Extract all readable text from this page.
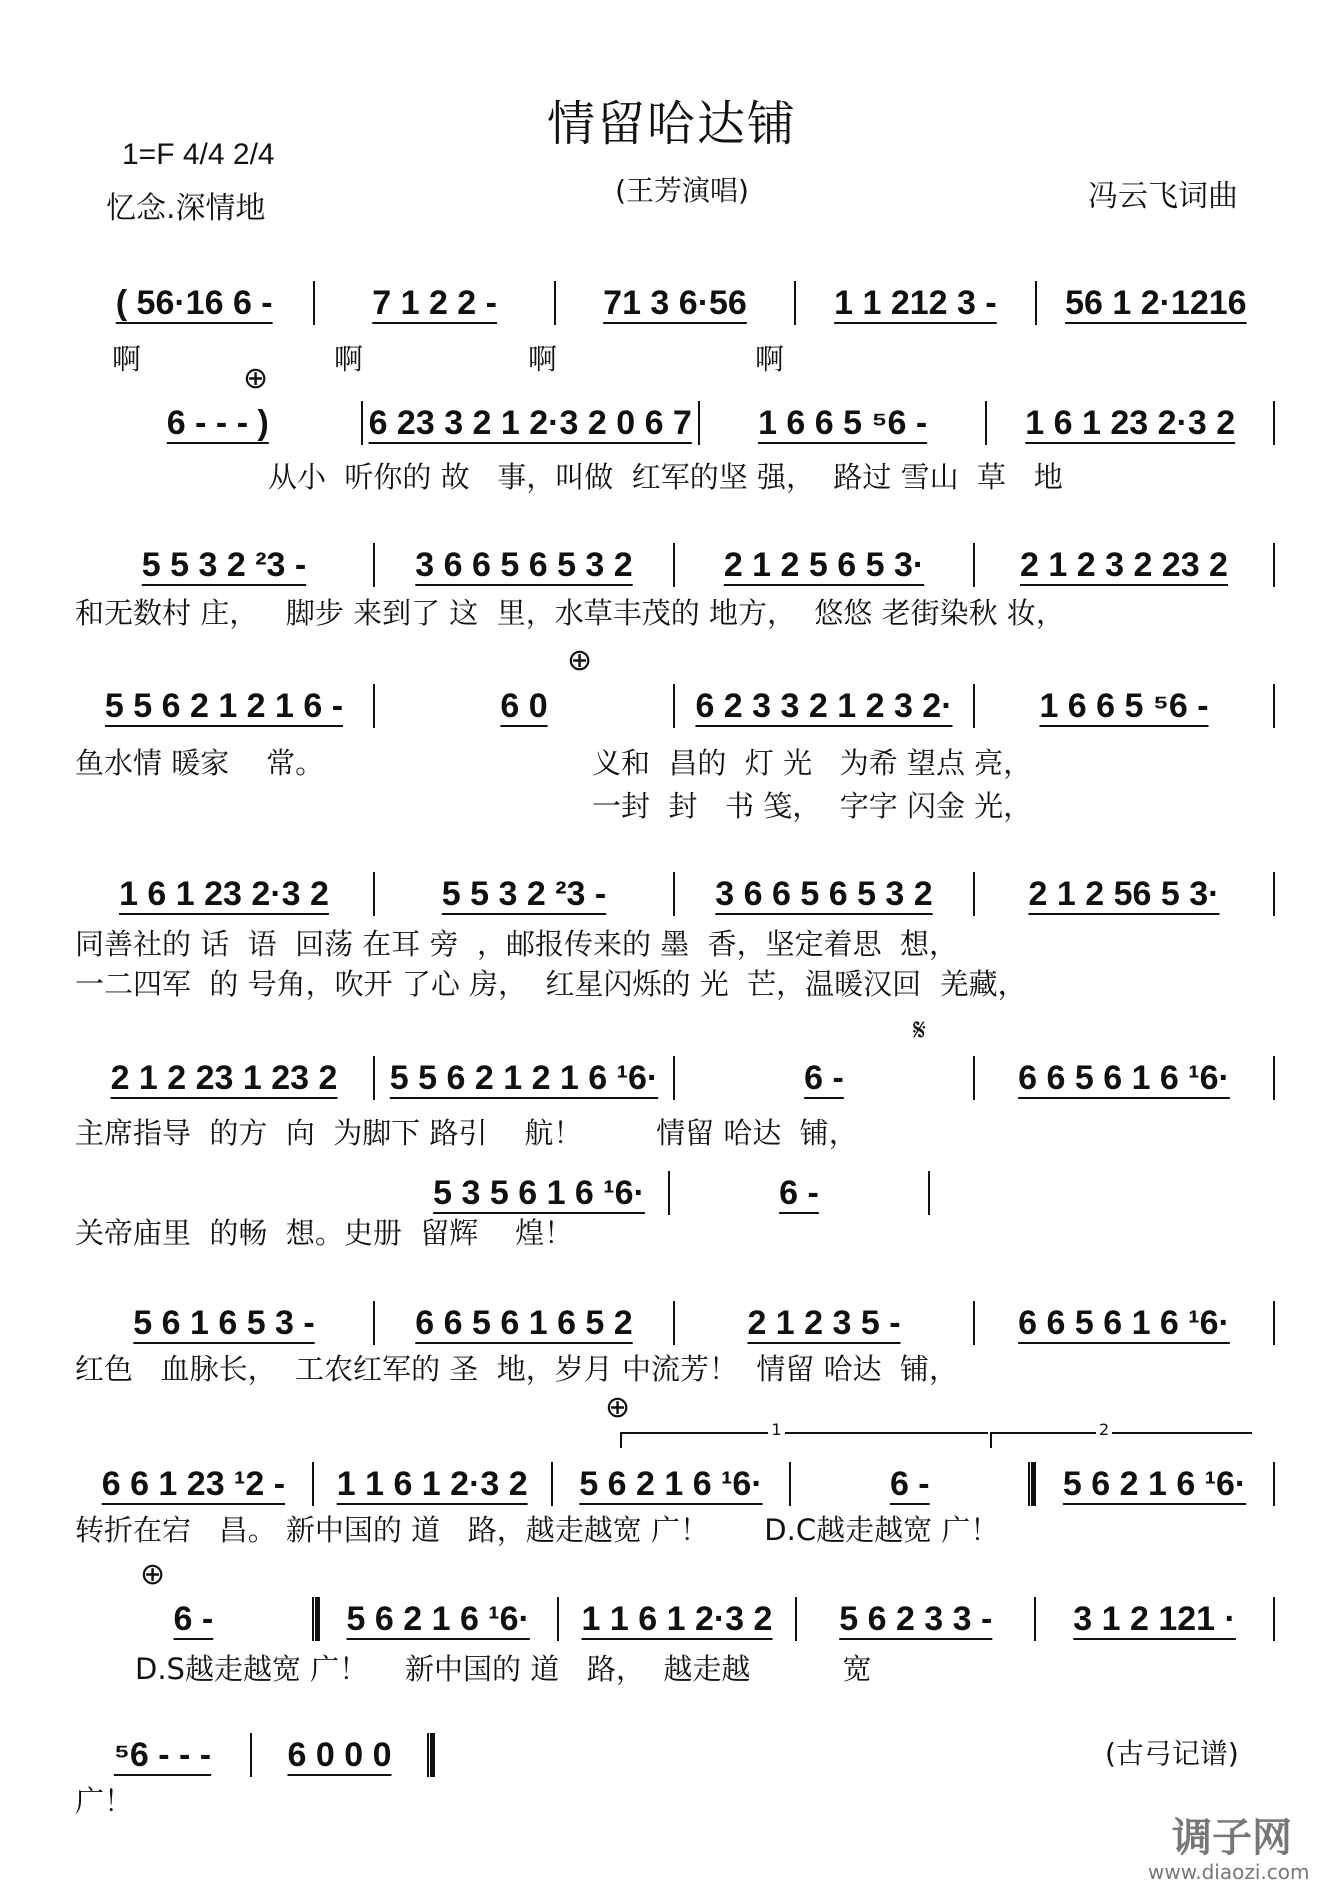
情留哈达铺
1=F 4/4 2/4
忆念.深情地
(王芳演唱)	冯云飞词曲
( 56·16 6 -	7 1 2 2 -	71 3 6·56	1 1 212 3 -	56 1 2·1216
6 - - - )	6 23 3 2 1 2·3 2 0 6 7	1 6 6 5 ⁵6 -	1 6 1 23 2·3 2
5 5 3 2 ²3 -	3 6 6 5 6 5 3 2	2 1 2 5 6 5 3·	2 1 2 3 2 23 2
5 5 6 2 1 2 1 6 -	6 0	6 2 3 3 2 1 2 3 2·	1 6 6 5 ⁵6 -
1 6 1 23 2·3 2	5 5 3 2 ²3 -	3 6 6 5 6 5 3 2	2 1 2 56 5 3·
2 1 2 23 1 23 2	5 5 6 2 1 2 1 6 ¹6·	6 -	6 6 5 6 1 6 ¹6·
5 3 5 6 1 6 ¹6·	6 -
5 6 1 6 5 3 -	6 6 5 6 1 6 5 2	2 1 2 3 5 -	6 6 5 6 1 6 ¹6·
6 6 1 23 ¹2 -	1 1 6 1 2·3 2	5 6 2 1 6 ¹6·	6 -	5 6 2 1 6 ¹6·
6 -	5 6 2 1 6 ¹6·	1 1 6 1 2·3 2	5 6 2 3 3 -	3 1 2 121 ·
⁵6 - - -	6 0 0 0
⊕
⊕
𝄋
⊕
⊕
1	2
啊	啊	啊	啊
从小  听你的 故   事，叫做  红军的坚 强，  路过 雪山  草   地
和无数村 庄，   脚步 来到了 这  里，水草丰茂的 地方，  悠悠 老街染秋 妆，
鱼水情 暖家    常。	义和  昌的  灯 光   为希 望点 亮，
一封  封   书 笺，  字字 闪金 光，
同善社的 话  语  回荡 在耳 旁  ，邮报传来的 墨  香，坚定着思  想，
一二四军  的 号角，吹开 了心 房，  红星闪烁的 光  芒，温暖汉回  羌藏，
主席指导  的方  向  为脚下 路引    航！        情留 哈达  铺，
关帝庙里  的畅  想。史册  留辉    煌！
红色   血脉长，  工农红军的 圣  地，岁月 中流芳！  情留 哈达  铺，
转折在宕   昌。 新中国的 道   路，越走越宽 广！      D.C越走越宽 广！
D.S越走越宽 广！    新中国的 道   路，  越走越          宽
广！
(古弓记谱)
调子网
www.diaozi.com
